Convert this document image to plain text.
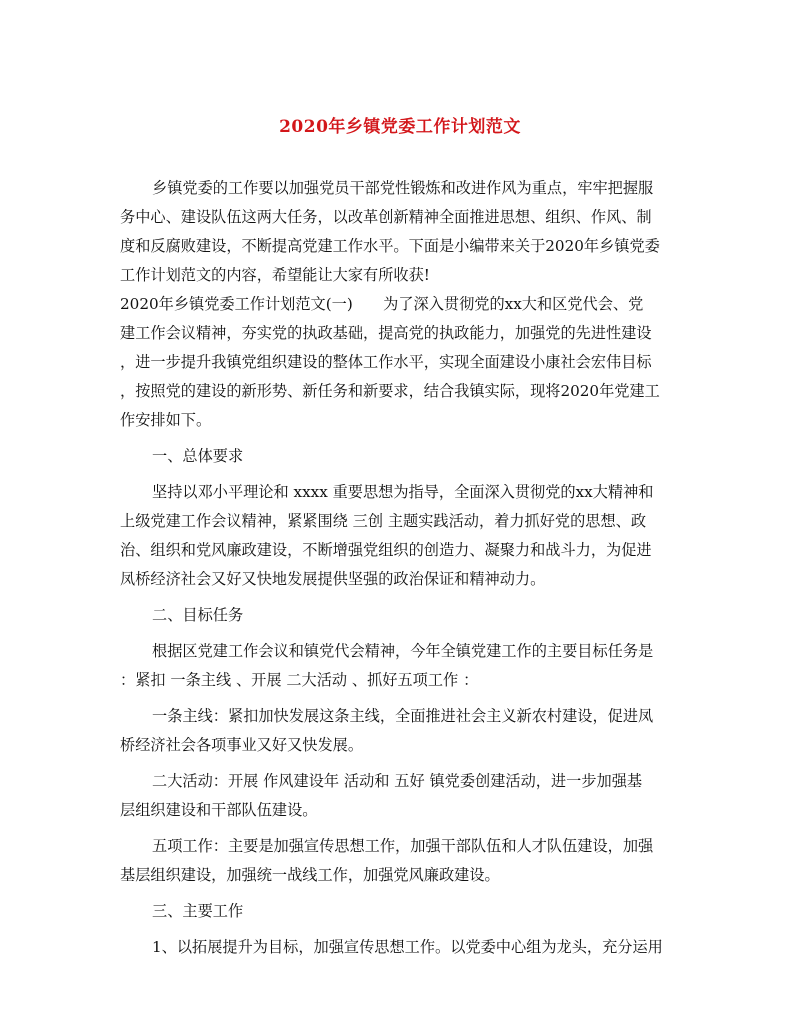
2020年乡镇党委工作计划范文
乡镇党委的工作要以加强党员干部党性锻炼和改进作风为重点，牢牢把握服
务中心、建设队伍这两大任务，以改革创新精神全面推进思想、组织、作风、制
度和反腐败建设，不断提高党建工作水平。下面是小编带来关于2020年乡镇党委
工作计划范文的内容，希望能让大家有所收获!
2020年乡镇党委工作计划范文(一)　　为了深入贯彻党的xx大和区党代会、党
建工作会议精神，夯实党的执政基础，提高党的执政能力，加强党的先进性建设
，进一步提升我镇党组织建设的整体工作水平，实现全面建设小康社会宏伟目标
，按照党的建设的新形势、新任务和新要求，结合我镇实际，现将2020年党建工
作安排如下。
一、总体要求
坚持以邓小平理论和 xxxx 重要思想为指导，全面深入贯彻党的xx大精神和
上级党建工作会议精神，紧紧围绕 三创 主题实践活动，着力抓好党的思想、政
治、组织和党风廉政建设，不断增强党组织的创造力、凝聚力和战斗力，为促进
凤桥经济社会又好又快地发展提供坚强的政治保证和精神动力。
二、目标任务
根据区党建工作会议和镇党代会精神，今年全镇党建工作的主要目标任务是
：紧扣 一条主线 、开展 二大活动 、抓好五项工作 ：
一条主线：紧扣加快发展这条主线，全面推进社会主义新农村建设，促进凤
桥经济社会各项事业又好又快发展。
二大活动：开展 作风建设年 活动和 五好 镇党委创建活动，进一步加强基
层组织建设和干部队伍建设。
五项工作：主要是加强宣传思想工作，加强干部队伍和人才队伍建设，加强
基层组织建设，加强统一战线工作，加强党风廉政建设。
三、主要工作
1、以拓展提升为目标，加强宣传思想工作。以党委中心组为龙头，充分运用
